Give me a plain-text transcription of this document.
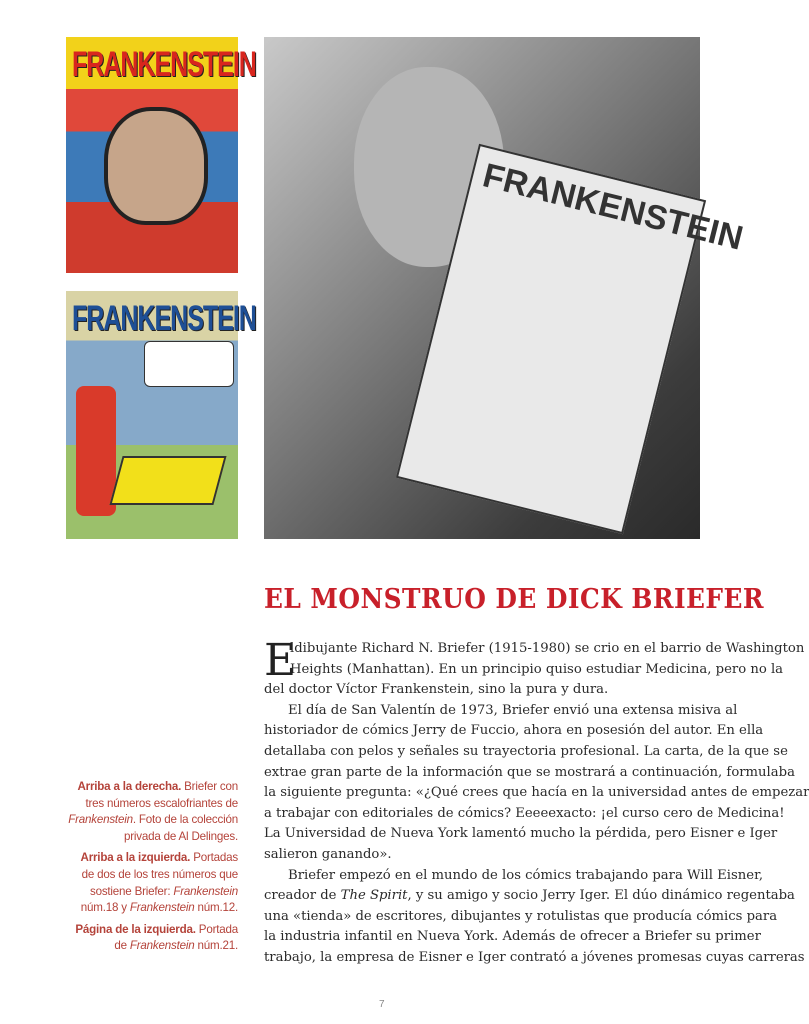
FRANKENSTEIN
FRANKENSTEIN
FRANKENSTEIN
EL MONSTRUO DE DICK BRIEFER
E
ldibujante Richard N. Briefer (1915-1980) se crio en el barrio de Washington
Heights (Manhattan). En un principio quiso estudiar Medicina, pero no la
del doctor Víctor Frankenstein, sino la pura y dura.
El día de San Valentín de 1973, Briefer envió una extensa misiva al
historiador de cómics Jerry de Fuccio, ahora en posesión del autor. En ella
detallaba con pelos y señales su trayectoria profesional. La carta, de la que se
extrae gran parte de la información que se mostrará a continuación, formulaba
la siguiente pregunta: «¿Qué crees que hacía en la universidad antes de empezar
a trabajar con editoriales de cómics? Eeeeexacto: ¡el curso cero de Medicina!
La Universidad de Nueva York lamentó mucho la pérdida, pero Eisner e Iger
salieron ganando».
Briefer empezó en el mundo de los cómics trabajando para Will Eisner,
creador de The Spirit, y su amigo y socio Jerry Iger. El dúo dinámico regentaba
una «tienda» de escritores, dibujantes y rotulistas que producía cómics para
la industria infantil en Nueva York. Además de ofrecer a Briefer su primer
trabajo, la empresa de Eisner e Iger contrató a jóvenes promesas cuyas carreras

Arriba a la derecha. Briefer con tres números escalofriantes de Frankenstein. Foto de la colección privada de Al Delinges.

Arriba a la izquierda. Portadas de dos de los tres números que sostiene Briefer: Frankenstein núm.18 y Frankenstein núm.12.

Página de la izquierda. Portada de Frankenstein núm.21.

7
